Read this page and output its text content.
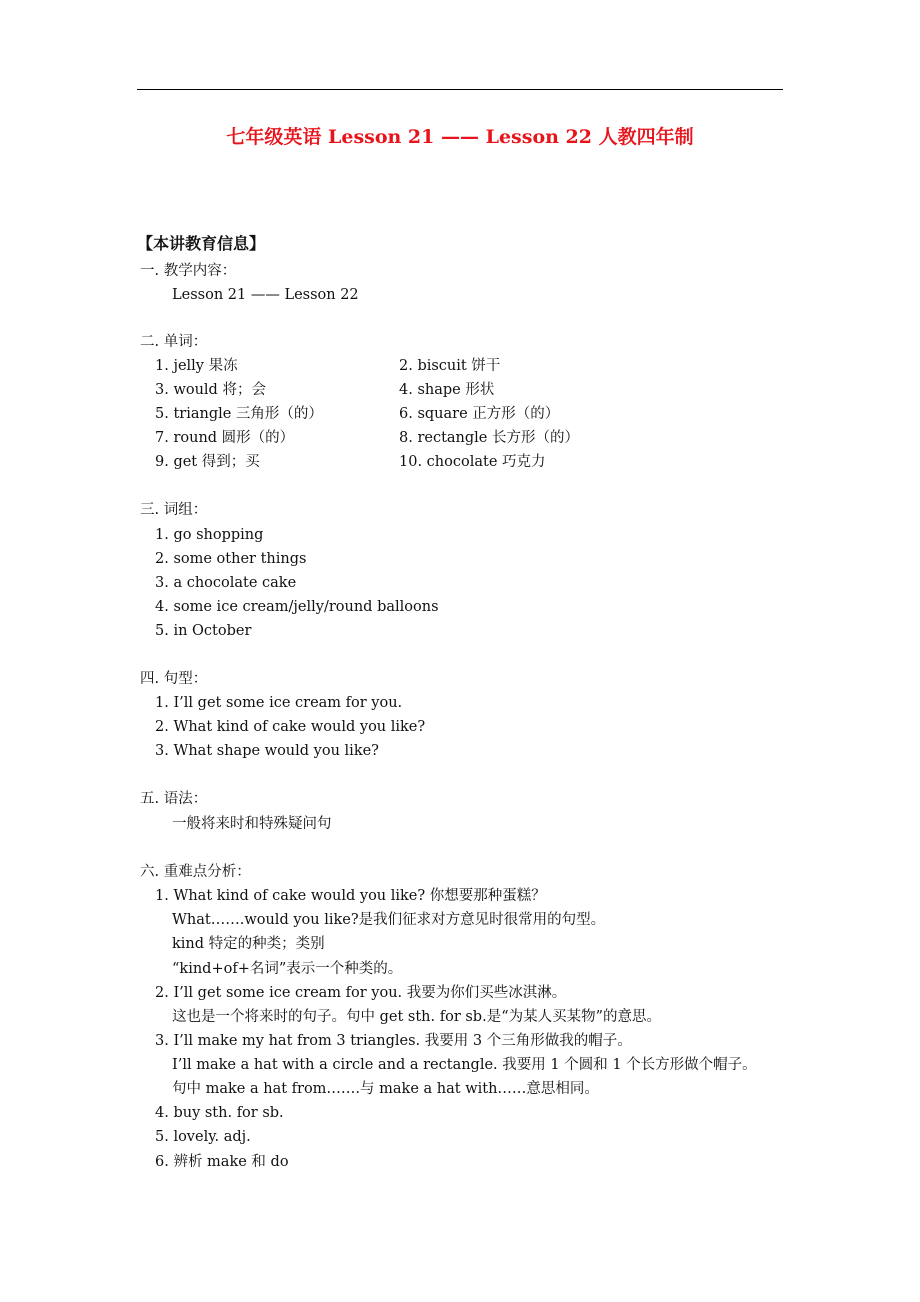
七年级英语 Lesson 21 —— Lesson 22 人教四年制
【本讲教育信息】
一. 教学内容：
Lesson 21 —— Lesson 22
二. 单词：
1. jelly 果冻	2. biscuit 饼干
3. would 将；会	4. shape 形状
5. triangle 三角形（的）	6. square 正方形（的）
7. round 圆形（的）	8. rectangle 长方形（的）
9. get 得到；买	10. chocolate 巧克力
三. 词组：
1. go shopping
2. some other things
3. a chocolate cake
4. some ice cream/jelly/round balloons
5. in October
四. 句型：
1. I’ll get some ice cream for you.
2. What kind of cake would you like?
3. What shape would you like?
五. 语法：
一般将来时和特殊疑问句
六. 重难点分析：
1. What kind of cake would you like? 你想要那种蛋糕？
What…….would you like?是我们征求对方意见时很常用的句型。
kind 特定的种类；类别
“kind+of+名词”表示一个种类的。
2. I’ll get some ice cream for you. 我要为你们买些冰淇淋。
这也是一个将来时的句子。句中 get sth. for sb.是“为某人买某物”的意思。
3. I’ll make my hat from 3 triangles. 我要用 3 个三角形做我的帽子。
I’ll make a hat with a circle and a rectangle. 我要用 1 个圆和 1 个长方形做个帽子。
句中 make a hat from…….与 make a hat with……意思相同。
4. buy sth. for sb.
5. lovely. adj.
6. 辨析 make 和 do
